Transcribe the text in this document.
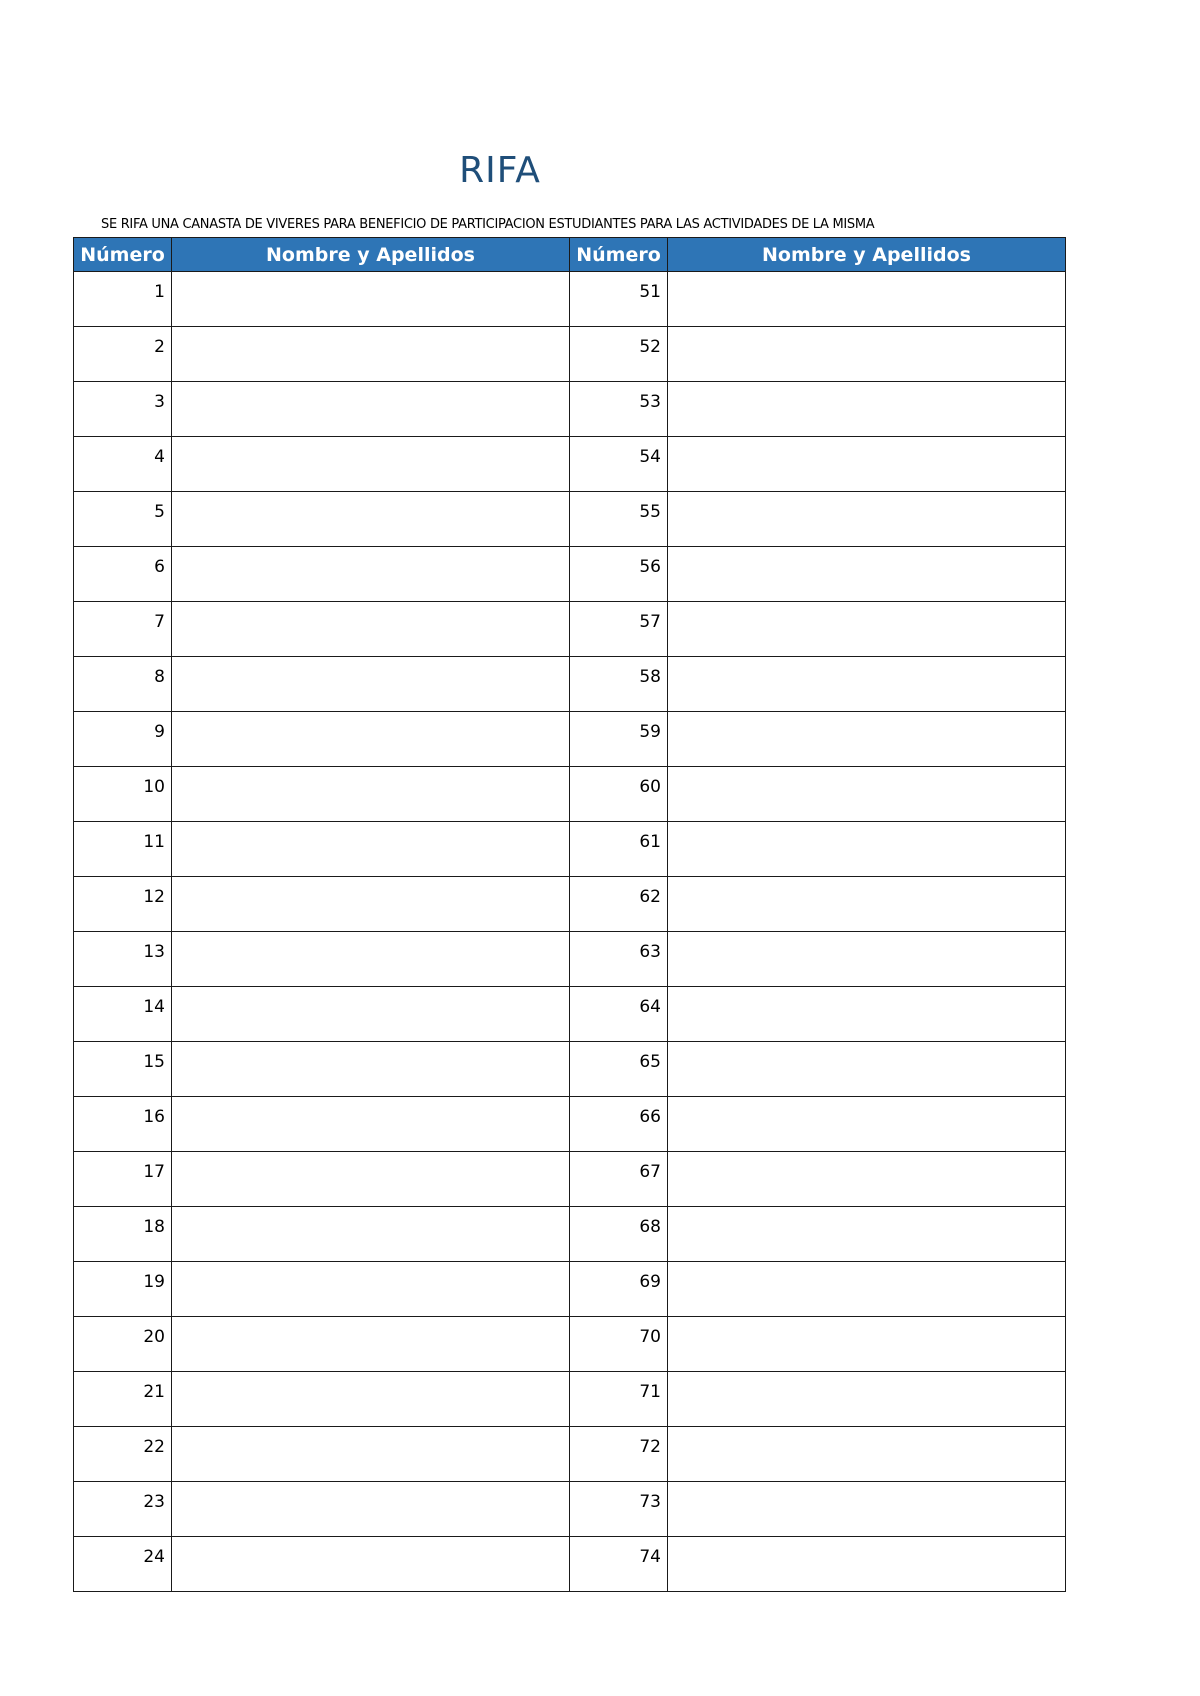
RIFA
SE RIFA UNA CANASTA DE VIVERES PARA BENEFICIO DE PARTICIPACION ESTUDIANTES PARA LAS ACTIVIDADES DE LA MISMA
Número	Nombre y Apellidos	Número	Nombre y Apellidos
1		51	
2		52	
3		53	
4		54	
5		55	
6		56	
7		57	
8		58	
9		59	
10		60	
11		61	
12		62	
13		63	
14		64	
15		65	
16		66	
17		67	
18		68	
19		69	
20		70	
21		71	
22		72	
23		73	
24		74	
